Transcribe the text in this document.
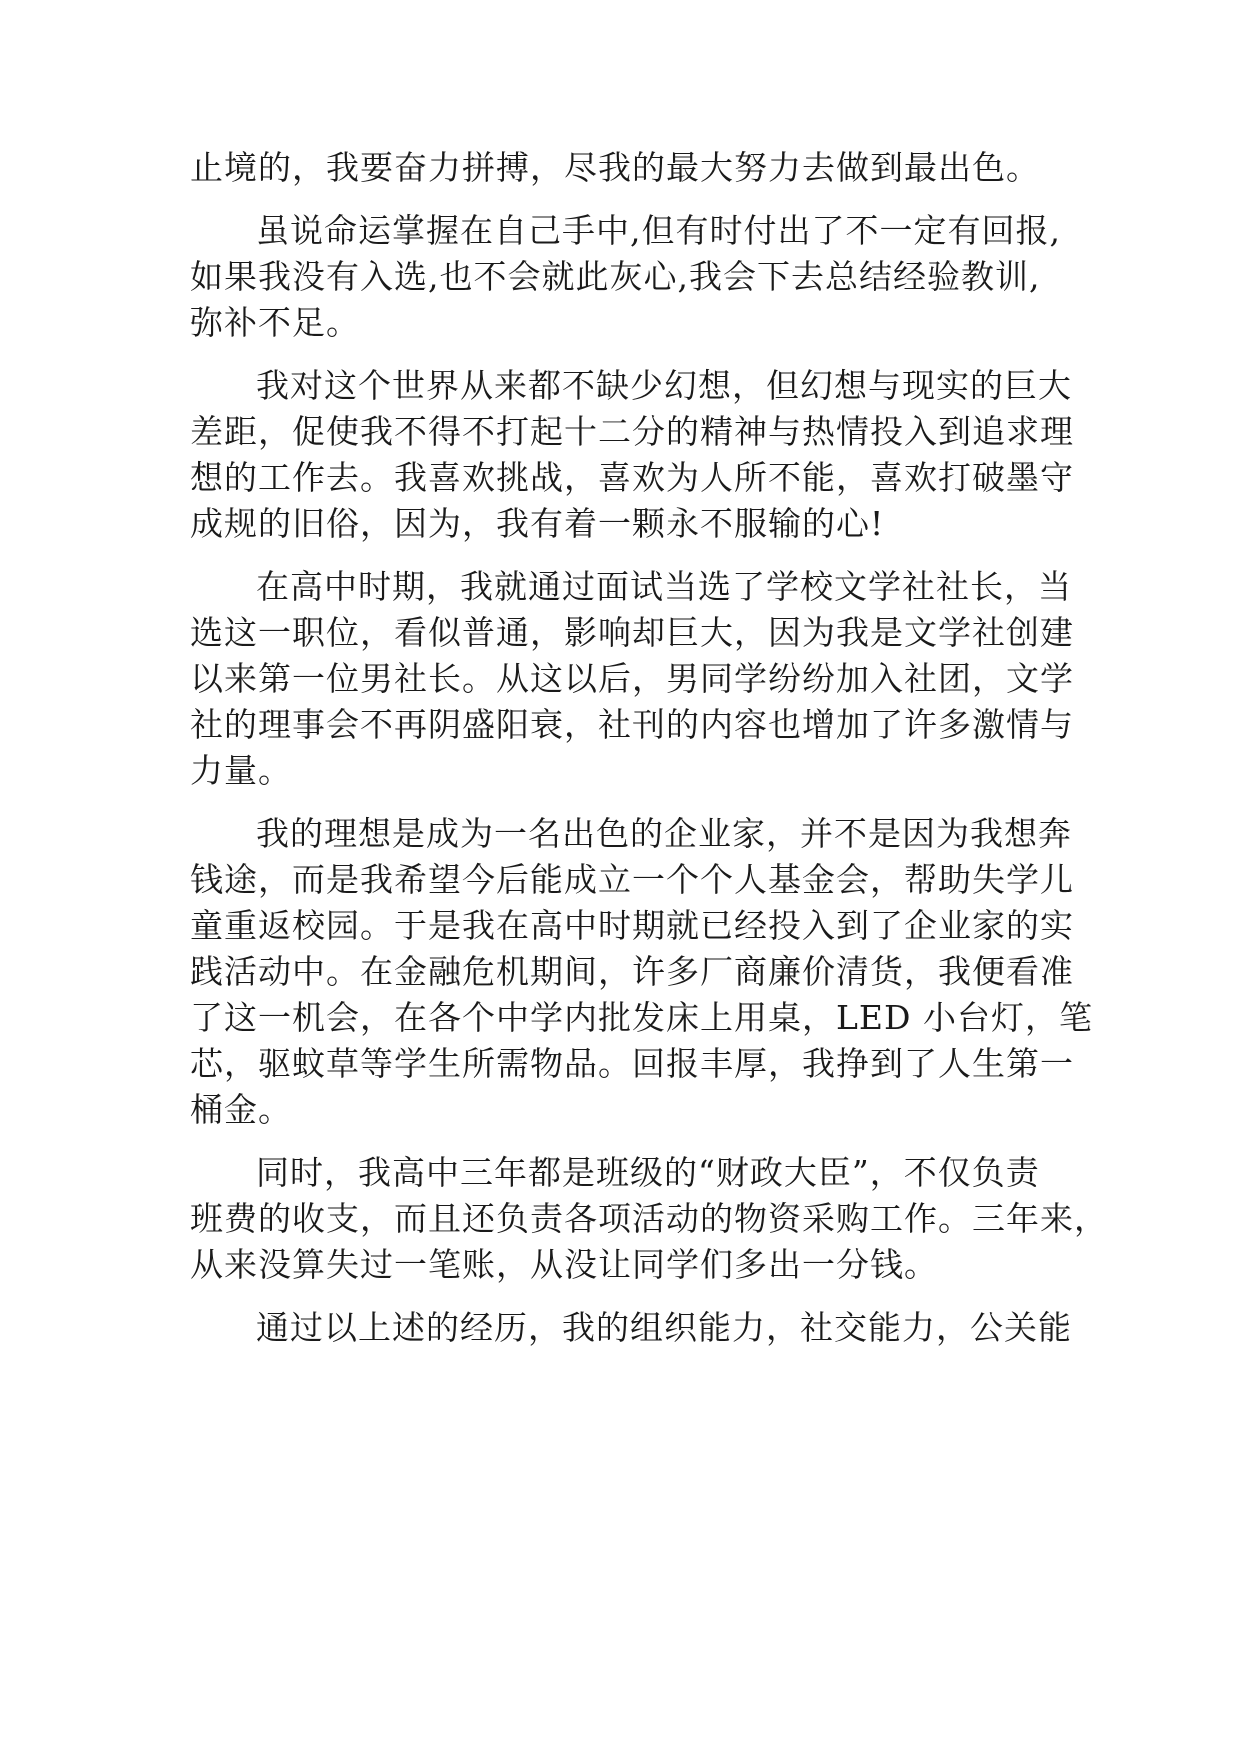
止境的，我要奋力拼搏，尽我的最大努力去做到最出色。
虽说命运掌握在自己手中,但有时付出了不一定有回报,
如果我没有入选,也不会就此灰心,我会下去总结经验教训,
弥补不足。
我对这个世界从来都不缺少幻想，但幻想与现实的巨大
差距，促使我不得不打起十二分的精神与热情投入到追求理
想的工作去。我喜欢挑战，喜欢为人所不能，喜欢打破墨守
成规的旧俗，因为，我有着一颗永不服输的心!
在高中时期，我就通过面试当选了学校文学社社长，当
选这一职位，看似普通，影响却巨大，因为我是文学社创建
以来第一位男社长。从这以后，男同学纷纷加入社团，文学
社的理事会不再阴盛阳衰，社刊的内容也增加了许多激情与
力量。
我的理想是成为一名出色的企业家，并不是因为我想奔
钱途，而是我希望今后能成立一个个人基金会，帮助失学儿
童重返校园。于是我在高中时期就已经投入到了企业家的实
践活动中。在金融危机期间，许多厂商廉价清货，我便看准
了这一机会，在各个中学内批发床上用桌，LED 小台灯，笔
芯，驱蚊草等学生所需物品。回报丰厚，我挣到了人生第一
桶金。
同时，我高中三年都是班级的“财政大臣”，不仅负责
班费的收支，而且还负责各项活动的物资采购工作。三年来，
从来没算失过一笔账，从没让同学们多出一分钱。
通过以上述的经历，我的组织能力，社交能力，公关能
